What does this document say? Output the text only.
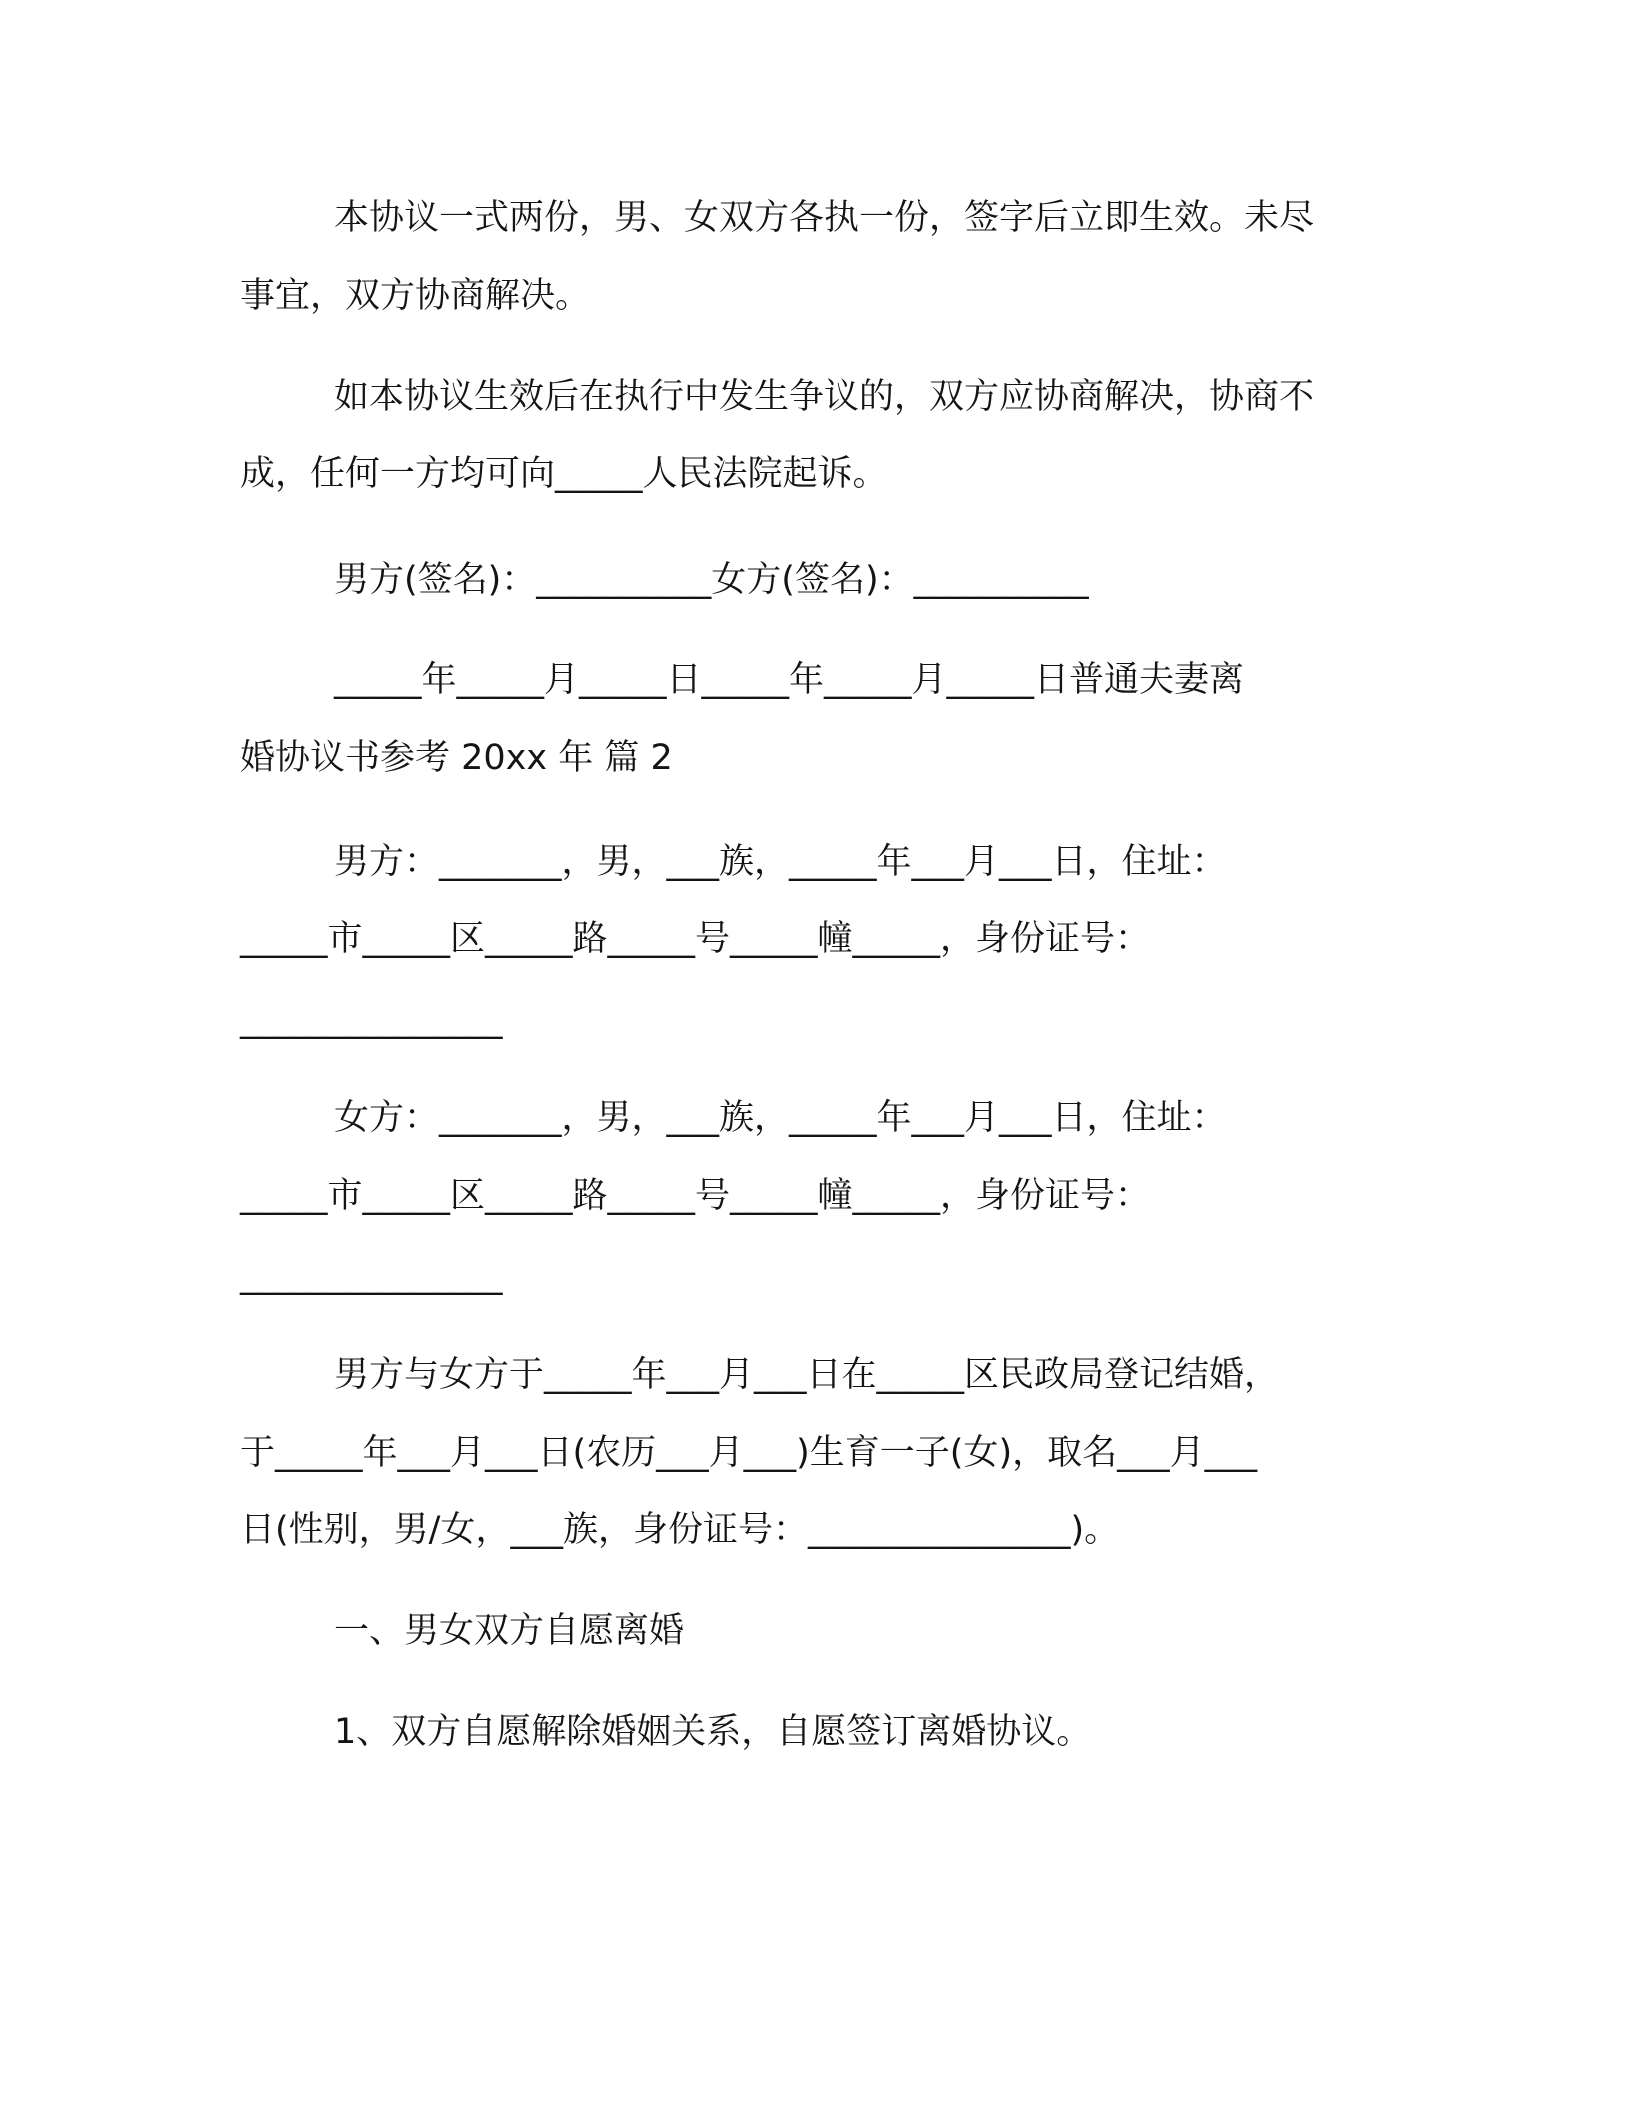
本协议一式两份，男、女双方各执一份，签字后立即生效。未尽

事宜，双方协商解决。

如本协议生效后在执行中发生争议的，双方应协商解决，协商不

成，任何一方均可向_____人民法院起诉。

男方(签名)：__________女方(签名)：__________

_____年_____月_____日_____年_____月_____日普通夫妻离

婚协议书参考 20xx 年 篇 2

男方：_______，男，___族，_____年___月___日，住址：

_____市_____区_____路_____号_____幢_____，身份证号：

_______________

女方：_______，男，___族，_____年___月___日，住址：

_____市_____区_____路_____号_____幢_____，身份证号：

_______________

男方与女方于_____年___月___日在_____区民政局登记结婚，

于_____年___月___日(农历___月___)生育一子(女)，取名___月___

日(性别，男/女，___族，身份证号：_______________)。

一、男女双方自愿离婚

1、双方自愿解除婚姻关系，自愿签订离婚协议。
